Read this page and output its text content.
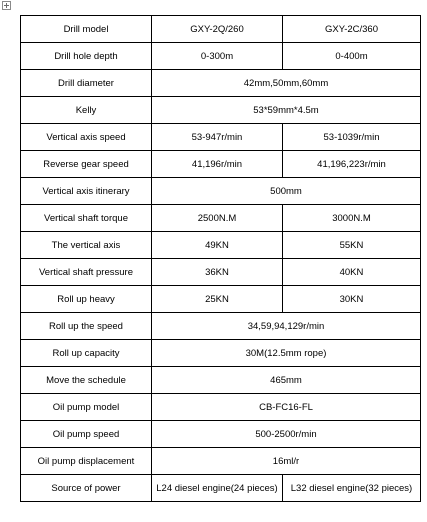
Drill model	GXY-2Q/260	GXY-2C/360
Drill hole depth	0-300m	0-400m
Drill diameter	42mm,50mm,60mm	
Kelly	53*59mm*4.5m	
Vertical axis speed	53-947r/min	53-1039r/min
Reverse gear speed	41,196r/min	41,196,223r/min
Vertical axis itinerary	500mm	
Vertical shaft torque	2500N.M	3000N.M
The vertical axis	49KN	55KN
Vertical shaft pressure	36KN	40KN
Roll up heavy	25KN	30KN
Roll up the speed	34,59,94,129r/min	
Roll up capacity	30M(12.5mm rope)	
Move the schedule	465mm	
Oil pump model	CB-FC16-FL	
Oil pump speed	500-2500r/min	
Oil pump displacement	16ml/r	
Source of power	L24 diesel engine(24 pieces)	L32 diesel engine(32 pieces)
